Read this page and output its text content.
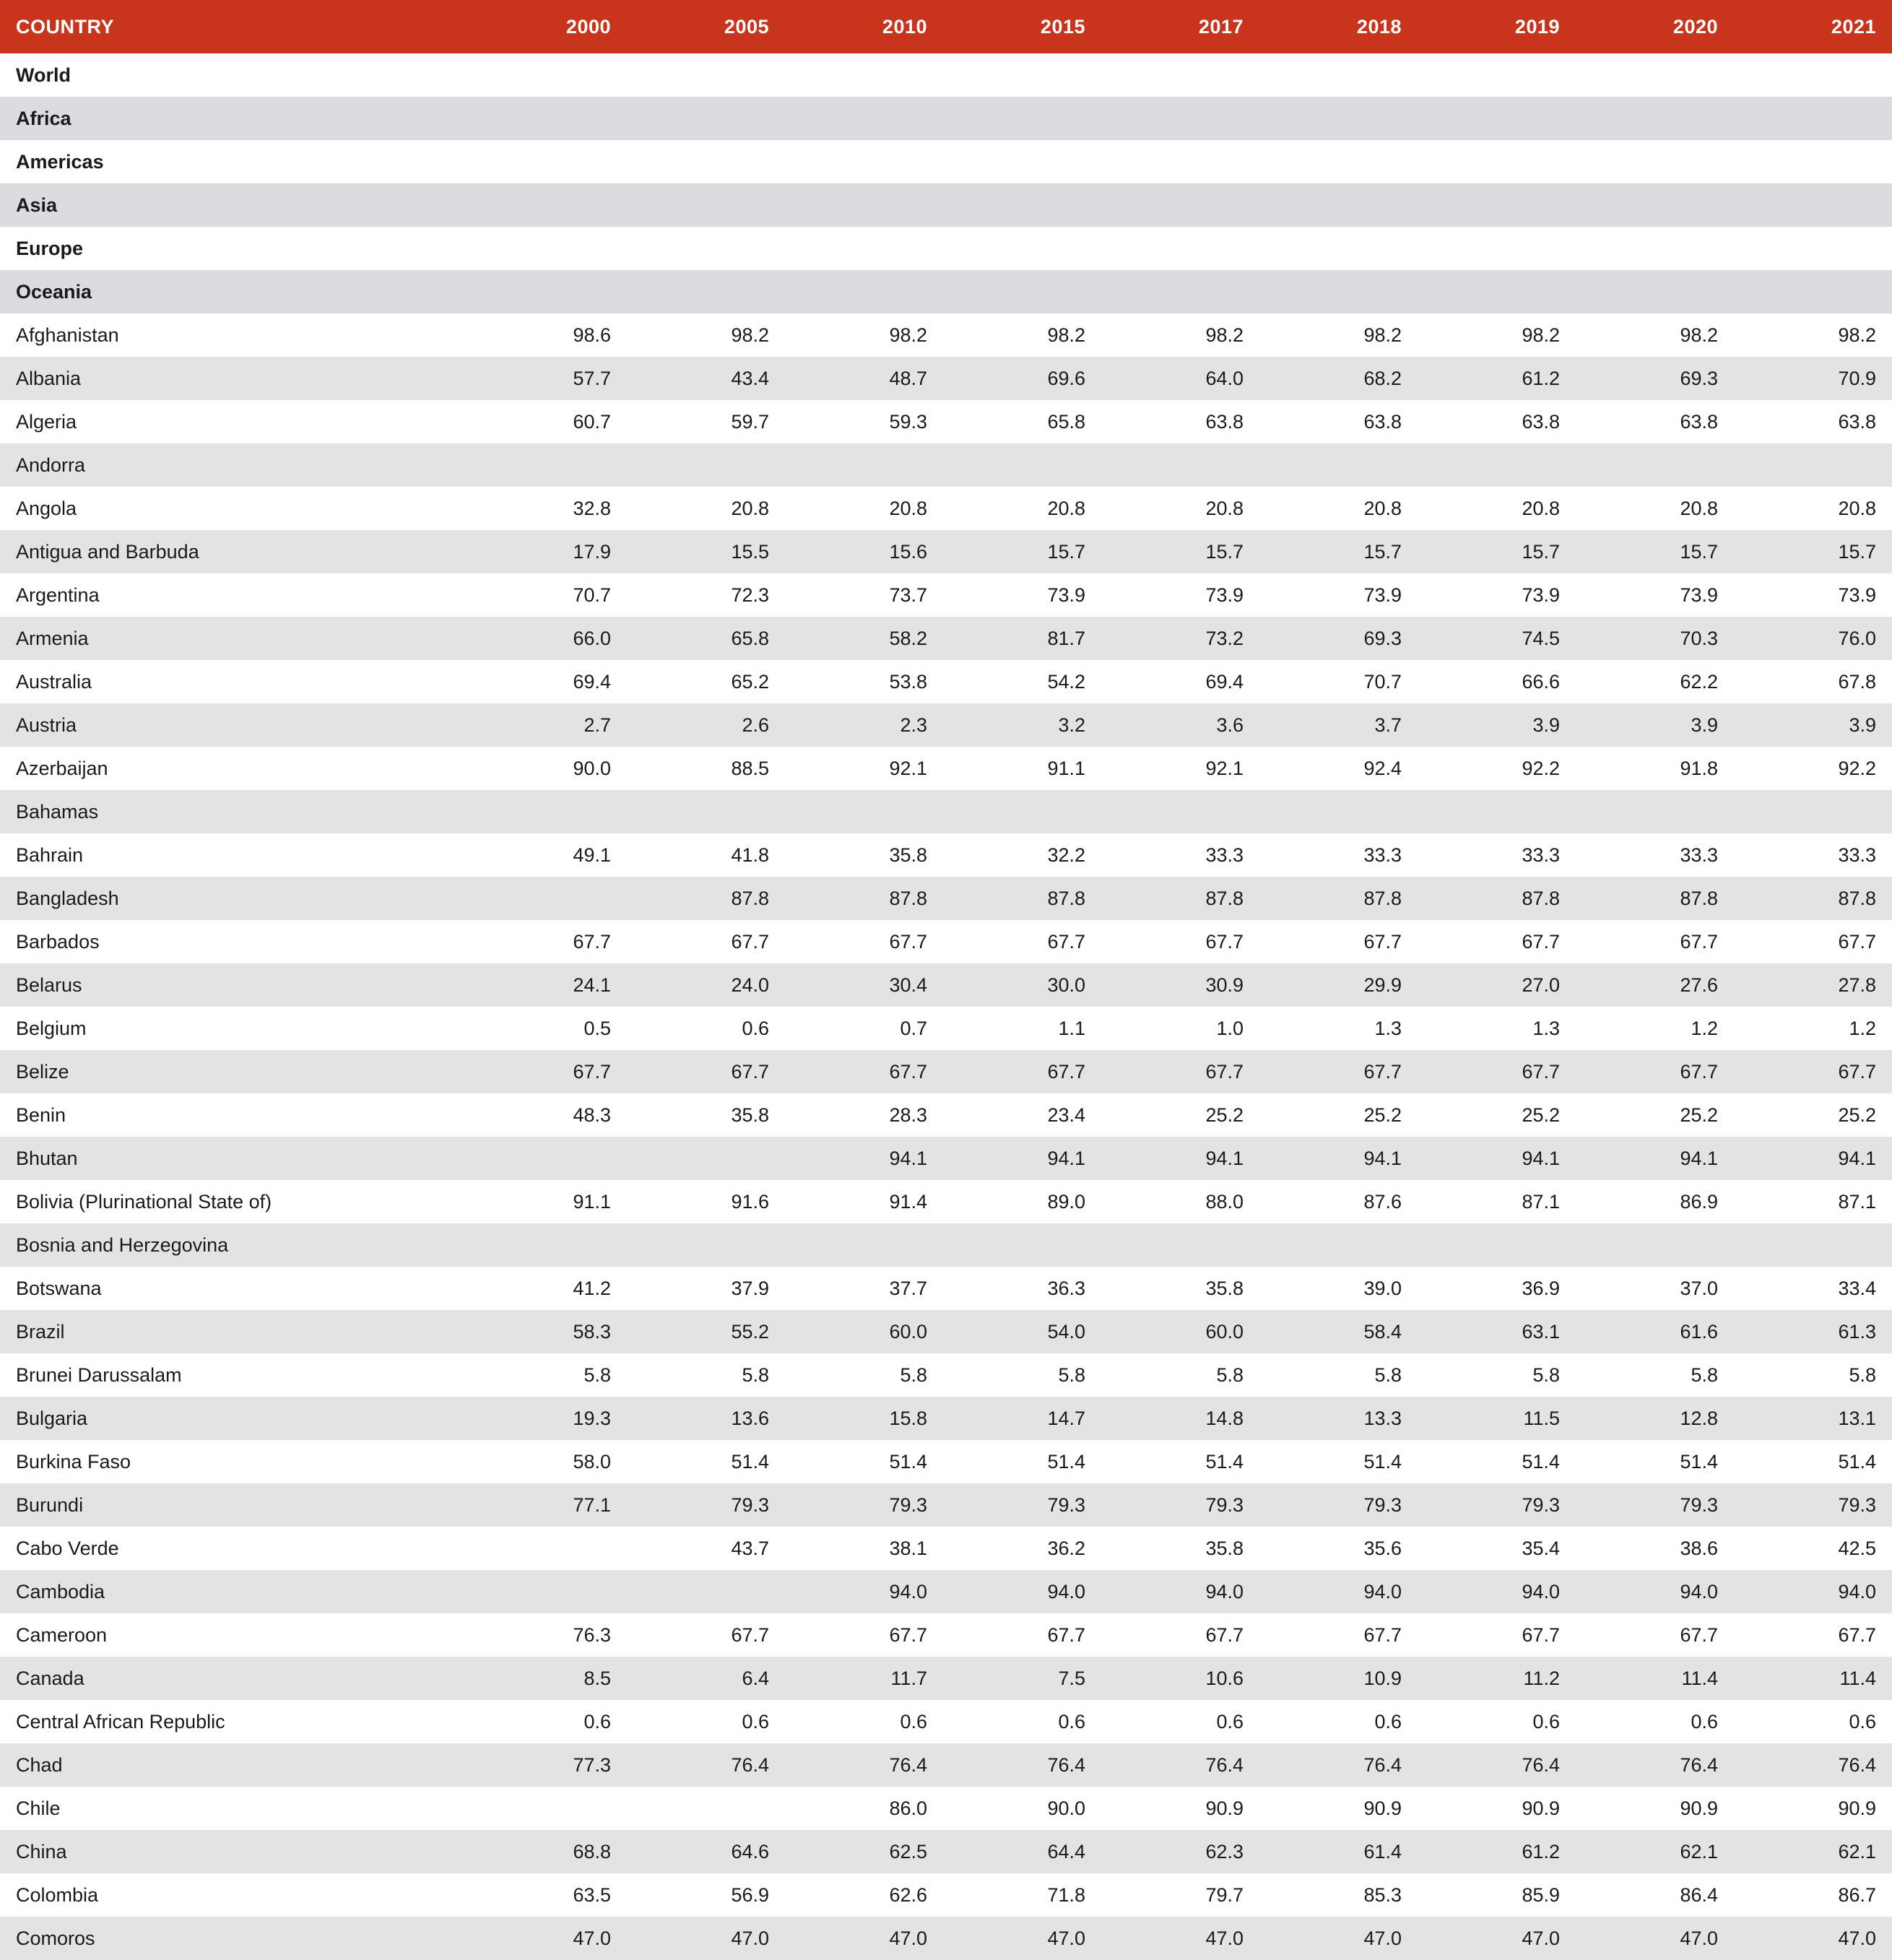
COUNTRY	2000	2005	2010	2015	2017	2018	2019	2020	2021
World									
Africa									
Americas									
Asia									
Europe									
Oceania									
Afghanistan	98.6	98.2	98.2	98.2	98.2	98.2	98.2	98.2	98.2
Albania	57.7	43.4	48.7	69.6	64.0	68.2	61.2	69.3	70.9
Algeria	60.7	59.7	59.3	65.8	63.8	63.8	63.8	63.8	63.8
Andorra									
Angola	32.8	20.8	20.8	20.8	20.8	20.8	20.8	20.8	20.8
Antigua and Barbuda	17.9	15.5	15.6	15.7	15.7	15.7	15.7	15.7	15.7
Argentina	70.7	72.3	73.7	73.9	73.9	73.9	73.9	73.9	73.9
Armenia	66.0	65.8	58.2	81.7	73.2	69.3	74.5	70.3	76.0
Australia	69.4	65.2	53.8	54.2	69.4	70.7	66.6	62.2	67.8
Austria	2.7	2.6	2.3	3.2	3.6	3.7	3.9	3.9	3.9
Azerbaijan	90.0	88.5	92.1	91.1	92.1	92.4	92.2	91.8	92.2
Bahamas									
Bahrain	49.1	41.8	35.8	32.2	33.3	33.3	33.3	33.3	33.3
Bangladesh		87.8	87.8	87.8	87.8	87.8	87.8	87.8	87.8
Barbados	67.7	67.7	67.7	67.7	67.7	67.7	67.7	67.7	67.7
Belarus	24.1	24.0	30.4	30.0	30.9	29.9	27.0	27.6	27.8
Belgium	0.5	0.6	0.7	1.1	1.0	1.3	1.3	1.2	1.2
Belize	67.7	67.7	67.7	67.7	67.7	67.7	67.7	67.7	67.7
Benin	48.3	35.8	28.3	23.4	25.2	25.2	25.2	25.2	25.2
Bhutan			94.1	94.1	94.1	94.1	94.1	94.1	94.1
Bolivia (Plurinational State of)	91.1	91.6	91.4	89.0	88.0	87.6	87.1	86.9	87.1
Bosnia and Herzegovina									
Botswana	41.2	37.9	37.7	36.3	35.8	39.0	36.9	37.0	33.4
Brazil	58.3	55.2	60.0	54.0	60.0	58.4	63.1	61.6	61.3
Brunei Darussalam	5.8	5.8	5.8	5.8	5.8	5.8	5.8	5.8	5.8
Bulgaria	19.3	13.6	15.8	14.7	14.8	13.3	11.5	12.8	13.1
Burkina Faso	58.0	51.4	51.4	51.4	51.4	51.4	51.4	51.4	51.4
Burundi	77.1	79.3	79.3	79.3	79.3	79.3	79.3	79.3	79.3
Cabo Verde		43.7	38.1	36.2	35.8	35.6	35.4	38.6	42.5
Cambodia			94.0	94.0	94.0	94.0	94.0	94.0	94.0
Cameroon	76.3	67.7	67.7	67.7	67.7	67.7	67.7	67.7	67.7
Canada	8.5	6.4	11.7	7.5	10.6	10.9	11.2	11.4	11.4
Central African Republic	0.6	0.6	0.6	0.6	0.6	0.6	0.6	0.6	0.6
Chad	77.3	76.4	76.4	76.4	76.4	76.4	76.4	76.4	76.4
Chile			86.0	90.0	90.9	90.9	90.9	90.9	90.9
China	68.8	64.6	62.5	64.4	62.3	61.4	61.2	62.1	62.1
Colombia	63.5	56.9	62.6	71.8	79.7	85.3	85.9	86.4	86.7
Comoros	47.0	47.0	47.0	47.0	47.0	47.0	47.0	47.0	47.0
